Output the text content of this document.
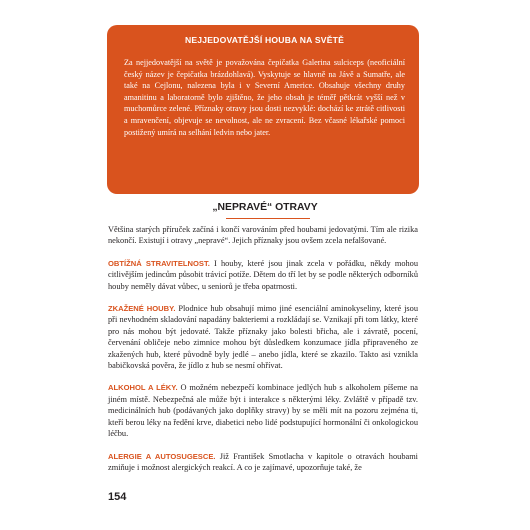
NEJJEDOVATĚJŠÍ HOUBA NA SVĚTĚ

Za nejjedovatější na světě je považována čepičatka Galerina sulciceps (neoficiální český název je čepičatka brázdohlavá). Vyskytuje se hlavně na Jávě a Sumatře, ale také na Cejlonu, nalezena byla i v Severní Americe. Obsahuje všechny druhy amanitinu a laboratorně bylo zjištěno, že jeho obsah je téměř pětkrát vyšší než v muchomůrce zelené. Příznaky otravy jsou dosti nezvyklé: dochází ke ztrátě citlivosti a mravenčení, objevuje se nevolnost, ale ne zvracení. Bez včasné lékařské pomoci postižený umírá na selhání ledvin nebo jater.

„NEPRAVÉ“ OTRAVY

Většina starých příruček začíná i končí varováním před houbami jedovatými. Tím ale rizika nekončí. Existují i otravy „nepravé“. Jejich příznaky jsou ovšem zcela nefalšované.

OBTÍŽNÁ STRAVITELNOST. I houby, které jsou jinak zcela v pořádku, někdy mohou citlivějším jedincům působit trávicí potíže. Dětem do tří let by se podle některých odborníků houby neměly dávat vůbec, u seniorů je třeba opatrnosti.

ZKAŽENÉ HOUBY. Plodnice hub obsahují mimo jiné esenciální aminokyseliny, které jsou při nevhodném skladování napadány bakteriemi a rozkládají se. Vznikají při tom látky, které pro nás mohou být jedovaté. Takže příznaky jako bolesti břicha, ale i závratě, pocení, červenání obličeje nebo zimnice mohou být důsledkem konzumace jídla připraveného ze zkažených hub, které původně byly jedlé – anebo jídla, které se zkazilo. Takto asi vznikla babičkovská pověra, že jídlo z hub se nesmí ohřívat.

ALKOHOL A LÉKY. O možném nebezpečí kombinace jedlých hub s alkoholem píšeme na jiném místě. Nebezpečná ale může být i interakce s některými léky. Zvláště v případě tzv. medicinálních hub (podávaných jako doplňky stravy) by se měli mít na pozoru zejména ti, kteří berou léky na ředění krve, diabetici nebo lidé podstupující hormonální či onkologickou léčbu.

ALERGIE A AUTOSUGESCE. Již František Smotlacha v kapitole o otravách houbami zmiňuje i možnost alergických reakcí. A co je zajímavé, upozorňuje také, že

154
